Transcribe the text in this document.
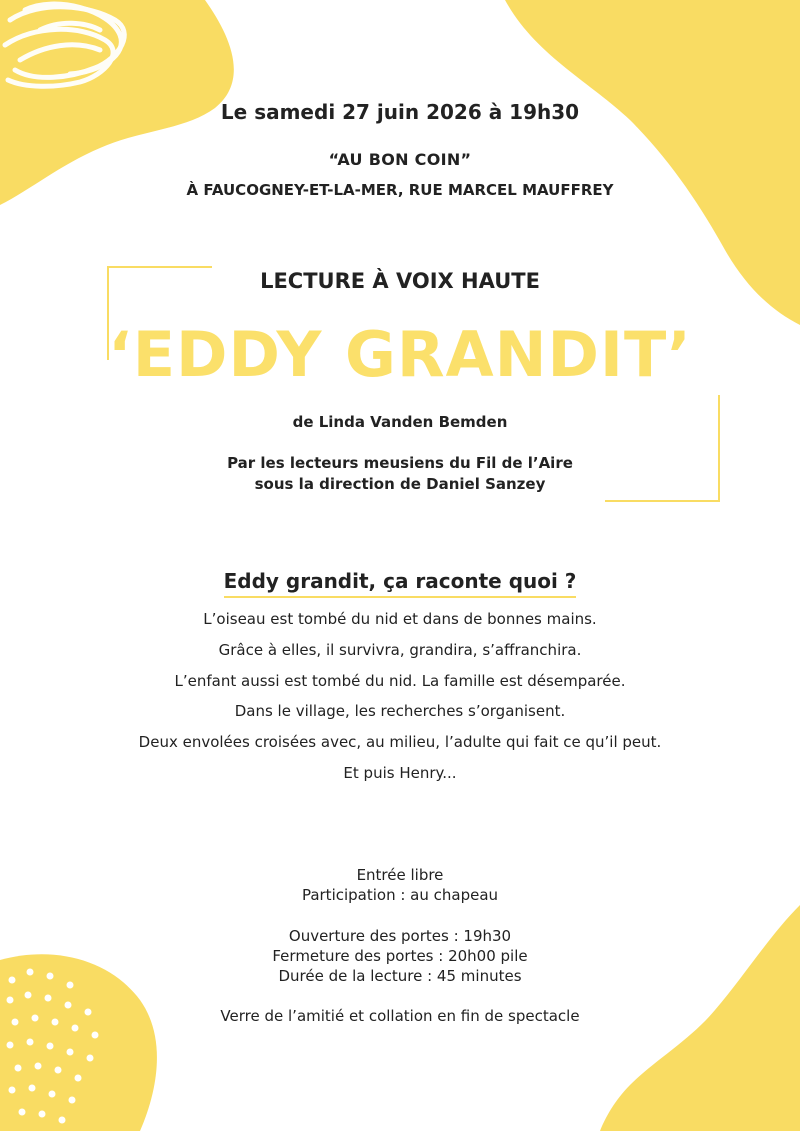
Le samedi 27 juin 2026 à 19h30

“AU BON COIN”

À FAUCOGNEY-ET-LA-MER, RUE MARCEL MAUFFREY

LECTURE À VOIX HAUTE

‘EDDY GRANDIT’

de Linda Vanden Bemden

Par les lecteurs meusiens du Fil de l’Aire
sous la direction de Daniel Sanzey

Eddy grandit, ça raconte quoi ?
L’oiseau est tombé du nid et dans de bonnes mains.
Grâce à elles, il survivra, grandira, s’affranchira.
L’enfant aussi est tombé du nid. La famille est désemparée.
Dans le village, les recherches s’organisent.
Deux envolées croisées avec, au milieu, l’adulte qui fait ce qu’il peut.
Et puis Henry...
Entrée libre
Participation : au chapeau
Ouverture des portes : 19h30
Fermeture des portes : 20h00 pile
Durée de la lecture : 45 minutes
Verre de l’amitié et collation en fin de spectacle
